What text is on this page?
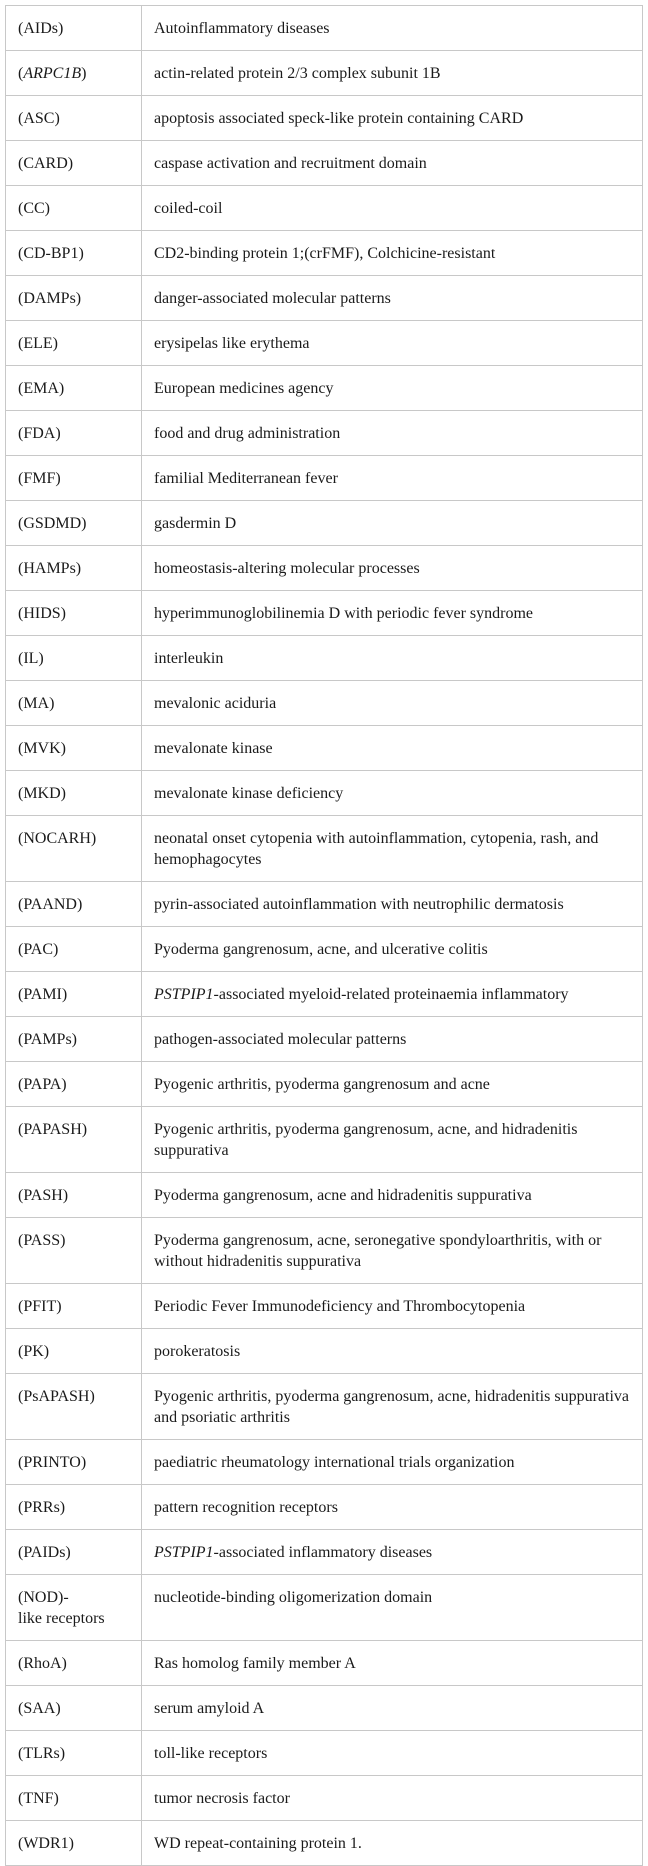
(AIDs)	Autoinflammatory diseases
(ARPC1B)	actin-related protein 2/3 complex subunit 1B
(ASC)	apoptosis associated speck-like protein containing CARD
(CARD)	caspase activation and recruitment domain
(CC)	coiled-coil
(CD-BP1)	CD2-binding protein 1;(crFMF), Colchicine-resistant
(DAMPs)	danger-associated molecular patterns
(ELE)	erysipelas like erythema
(EMA)	European medicines agency
(FDA)	food and drug administration
(FMF)	familial Mediterranean fever
(GSDMD)	gasdermin D
(HAMPs)	homeostasis-altering molecular processes
(HIDS)	hyperimmunoglobilinemia D with periodic fever syndrome
(IL)	interleukin
(MA)	mevalonic aciduria
(MVK)	mevalonate kinase
(MKD)	mevalonate kinase deficiency
(NOCARH)	neonatal onset cytopenia with autoinflammation, cytopenia, rash, and hemophagocytes
(PAAND)	pyrin-associated autoinflammation with neutrophilic dermatosis
(PAC)	Pyoderma gangrenosum, acne, and ulcerative colitis
(PAMI)	PSTPIP1-associated myeloid-related proteinaemia inflammatory
(PAMPs)	pathogen-associated molecular patterns
(PAPA)	Pyogenic arthritis, pyoderma gangrenosum and acne
(PAPASH)	Pyogenic arthritis, pyoderma gangrenosum, acne, and hidradenitis suppurativa
(PASH)	Pyoderma gangrenosum, acne and hidradenitis suppurativa
(PASS)	Pyoderma gangrenosum, acne, seronegative spondyloarthritis, with or without hidradenitis suppurativa
(PFIT)	Periodic Fever Immunodeficiency and Thrombocytopenia
(PK)	porokeratosis
(PsAPASH)	Pyogenic arthritis, pyoderma gangrenosum, acne, hidradenitis suppurativa and psoriatic arthritis
(PRINTO)	paediatric rheumatology international trials organization
(PRRs)	pattern recognition receptors
(PAIDs)	PSTPIP1-associated inflammatory diseases
(NOD)-
like receptors	nucleotide-binding oligomerization domain
(RhoA)	Ras homolog family member A
(SAA)	serum amyloid A
(TLRs)	toll-like receptors
(TNF)	tumor necrosis factor
(WDR1)	WD repeat-containing protein 1.
